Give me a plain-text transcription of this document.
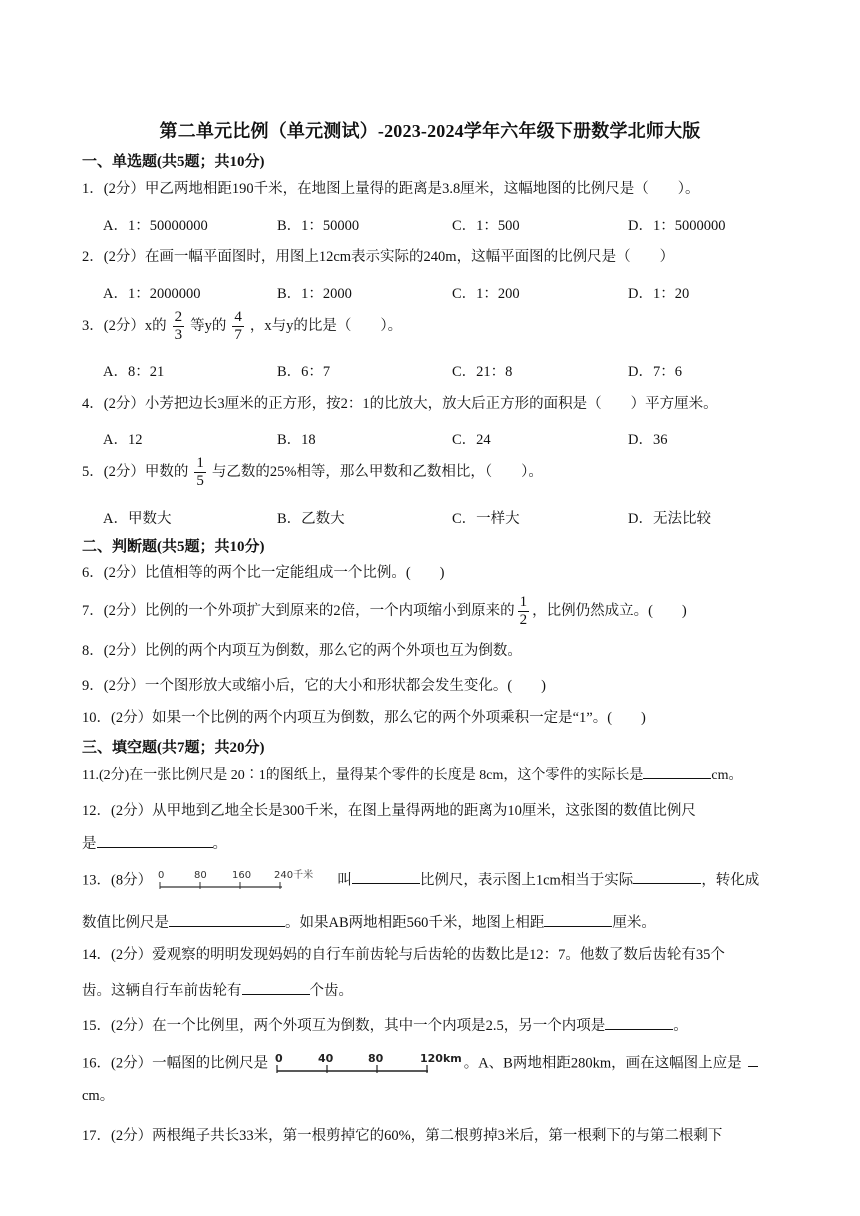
第二单元比例（单元测试）-2023-2024学年六年级下册数学北师大版
一、单选题(共5题；共10分)
1．(2分）甲乙两地相距190千米，在地图上量得的距离是3.8厘米，这幅地图的比例尺是（　　）。
A．1：50000000	B．1：50000	C．1：500	D．1：5000000
2．(2分）在画一幅平面图时，用图上12cm表示实际的240m，这幅平面图的比例尺是（　　）
A．1：2000000	B．1：2000	C．1：200	D．1：20
3．(2分）x的 $\frac{2}{3}$ 等y的 $\frac{4}{7}$ ，x与y的比是（　　）。
A．8：21	B．6：7	C．21：8	D．7：6
4．(2分）小芳把边长3厘米的正方形，按2：1的比放大，放大后正方形的面积是（　　）平方厘米。
A．12	B．18	C．24	D．36
5．(2分）甲数的 $\frac{1}{5}$ 与乙数的25%相等，那么甲数和乙数相比，（　　）。
A．甲数大	B．乙数大	C．一样大	D．无法比较
二、判断题(共5题；共10分)
6．(2分）比值相等的两个比一定能组成一个比例。(　　)
7．(2分）比例的一个外项扩大到原来的2倍，一个内项缩小到原来的 $\frac{1}{2}$ ，比例仍然成立。(　　)
8．(2分）比例的两个内项互为倒数，那么它的两个外项也互为倒数。
9．(2分）一个图形放大或缩小后，它的大小和形状都会发生变化。(　　)
10．(2分）如果一个比例的两个内项互为倒数，那么它的两个外项乘积一定是“1”。(　　)
三、填空题(共7题；共20分)
11.(2分)在一张比例尺是 20∶1的图纸上，量得某个零件的长度是 8cm，这个零件的实际长是	cm。
12．(2分）从甲地到乙地全长是300千米，在图上量得两地的距离为10厘米，这张图的数值比例尺
是	。
13．(8分） 0	80	160 240千米 叫	比例尺，表示图上1cm相当于实际	，转化成
数值比例尺是	。如果AB两地相距560千米，地图上相距	厘米。
14．(2分）爱观察的明明发现妈妈的自行车前齿轮与后齿轮的齿数比是12：7。他数了数后齿轮有35个
齿。这辆自行车前齿轮有	个齿。
15．(2分）在一个比例里，两个外项互为倒数，其中一个内项是2.5，另一个内项是	。
16．(2分）一幅图的比例尺是 0	40	80	120km 。A、B两地相距280km，画在这幅图上应是
cm。
17．(2分）两根绳子共长33米，第一根剪掉它的60%，第二根剪掉3米后，第一根剩下的与第二根剩下
